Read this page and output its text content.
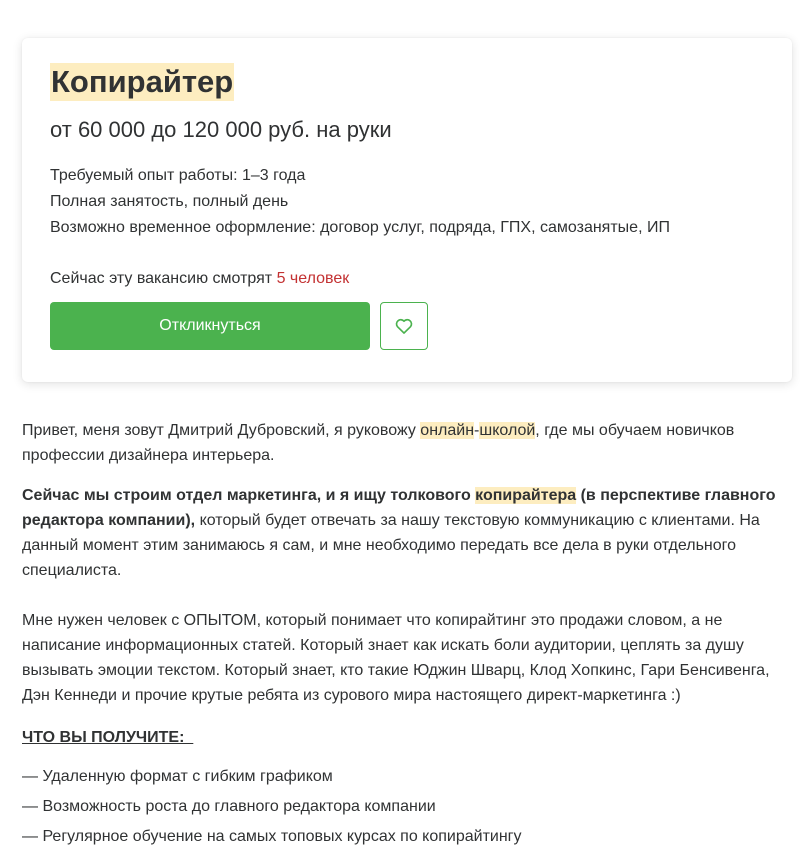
Копирайтер
от 60 000 до 120 000 руб. на руки
Требуемый опыт работы: 1–3 года
Полная занятость, полный день
Возможно временное оформление: договор услуг, подряда, ГПХ, самозанятые, ИП
Сейчас эту вакансию смотрят 5 человек
Откликнуться

Привет, меня зовут Дмитрий Дубровский, я руковожу онлайн-школой, где мы обучаем новичков профессии дизайнера интерьера.

Сейчас мы строим отдел маркетинга, и я ищу толкового копирайтера (в перспективе главного редактора компании), который будет отвечать за нашу текстовую коммуникацию с клиентами. На данный момент этим занимаюсь я сам, и мне необходимо передать все дела в руки отдельного специалиста.

Мне нужен человек с ОПЫТОМ, который понимает что копирайтинг это продажи словом, а не написание информационных статей. Который знает как искать боли аудитории, цеплять за душу вызывать эмоции текстом. Который знает, кто такие Юджин Шварц, Клод Хопкинс, Гари Бенсивенга, Дэн Кеннеди и прочие крутые ребята из сурового мира настоящего директ-маркетинга :)

ЧТО ВЫ ПОЛУЧИТЕ:

— Удаленную формат с гибким графиком
— Возможность роста до главного редактора компании
— Регулярное обучение на самых топовых курсах по копирайтингу
